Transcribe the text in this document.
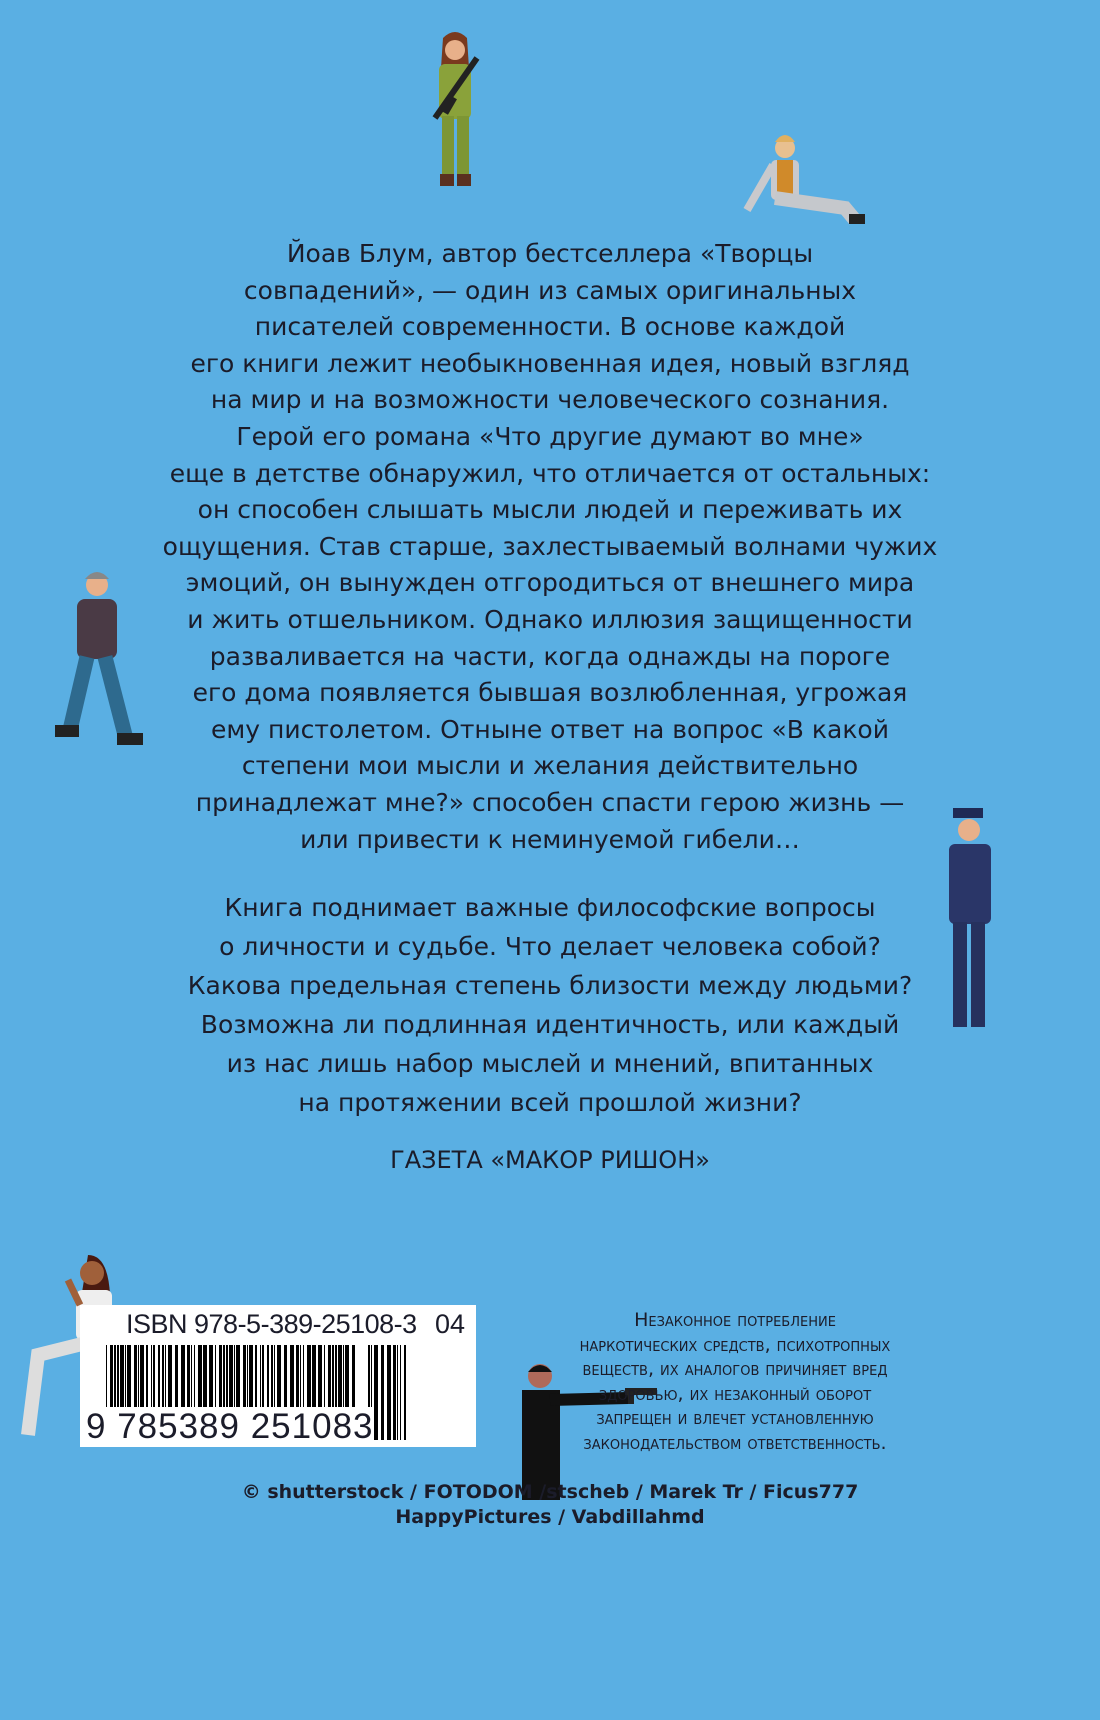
Йоав Блум, автор бестселлера «Творцы
совпадений», — один из самых оригинальных
писателей современности. В основе каждой
его книги лежит необыкновенная идея, новый взгляд
на мир и на возможности человеческого сознания.
Герой его романа «Что другие думают во мне»
еще в детстве обнаружил, что отличается от остальных:
он способен слышать мысли людей и переживать их
ощущения. Став старше, захлестываемый волнами чужих
эмоций, он вынужден отгородиться от внешнего мира
и жить отшельником. Однако иллюзия защищенности
разваливается на части, когда однажды на пороге
его дома появляется бывшая возлюбленная, угрожая
ему пистолетом. Отныне ответ на вопрос «В какой
степени мои мысли и желания действительно
принадлежат мне?» способен спасти герою жизнь —
или привести к неминуемой гибели…
Книга поднимает важные философские вопросы
о личности и судьбе. Что делает человека собой?
Какова предельная степень близости между людьми?
Возможна ли подлинная идентичность, или каждый
из нас лишь набор мыслей и мнений, впитанных
на протяжении всей прошлой жизни?
ГАЗЕТА «МАКОР РИШОН»
ISBN 978-5-389-25108-3 04
9 785389 251083
Незаконное потребление
наркотических средств, психотропных
веществ, их аналогов причиняет вред
здоровью, их незаконный оборот
запрещен и влечет установленную
законодательством ответственность.
© shutterstock / FOTODOM /stscheb / Marek Tr / Ficus777
HappyPictures / Vabdillahmd
